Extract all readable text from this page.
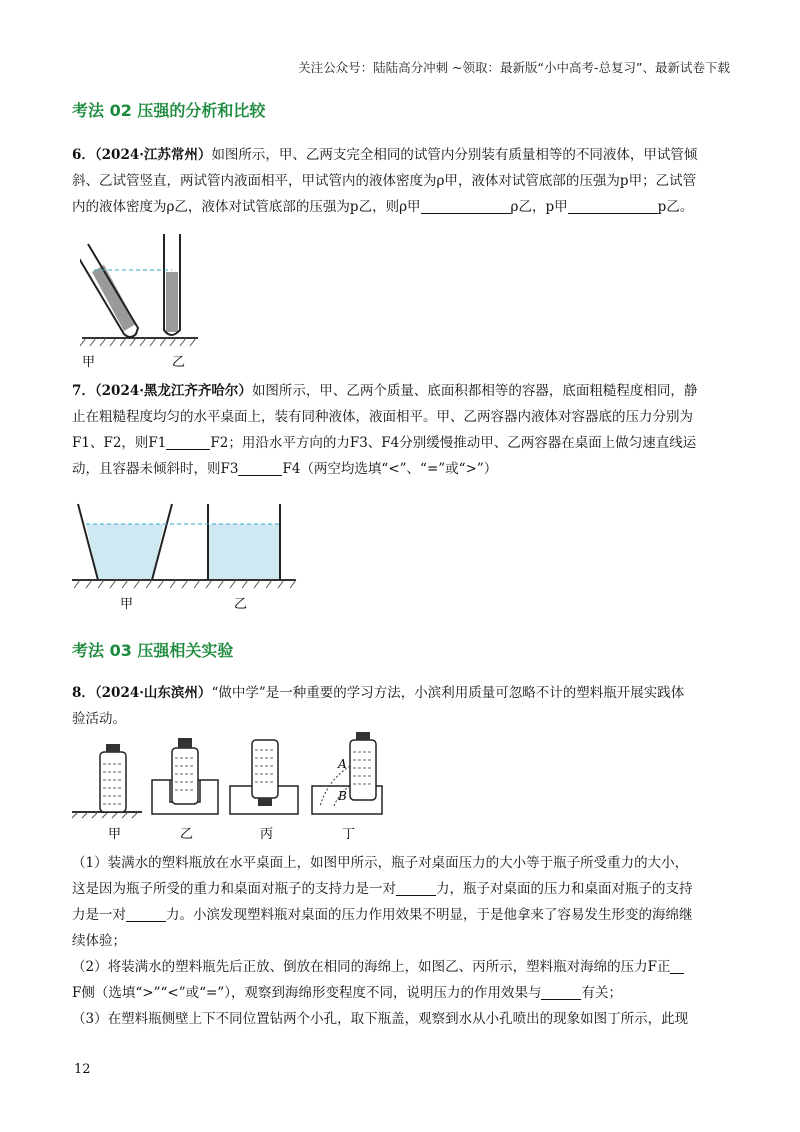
关注公众号：陆陆高分冲刺 ~领取：最新版“小中高考-总复习”、最新试卷下载
考法 02 压强的分析和比较
6．（2024·江苏常州）如图所示，甲、乙两支完全相同的试管内分别装有质量相等的不同液体，甲试管倾
斜、乙试管竖直，两试管内液面相平，甲试管内的液体密度为ρ甲，液体对试管底部的压强为p甲；乙试管
内的液体密度为ρ乙，液体对试管底部的压强为p乙，则ρ甲	ρ乙，p甲	p乙。
甲	乙
7．（2024·黑龙江齐齐哈尔）如图所示，甲、乙两个质量、底面积都相等的容器，底面粗糙程度相同，静
止在粗糙程度均匀的水平桌面上，装有同种液体，液面相平。甲、乙两容器内液体对容器底的压力分别为
F1、F2，则F1	F2；用沿水平方向的力F3、F4分别缓慢推动甲、乙两容器在桌面上做匀速直线运
动，且容器未倾斜时，则F3	F4（两空均选填“<”、“=”或“>”）
甲	乙
考法 03 压强相关实验
8．（2024·山东滨州）“做中学”是一种重要的学习方法，小滨利用质量可忽略不计的塑料瓶开展实践体
验活动。
A
B
甲	乙	丙	丁
（1）装满水的塑料瓶放在水平桌面上，如图甲所示，瓶子对桌面压力的大小等于瓶子所受重力的大小，
这是因为瓶子所受的重力和桌面对瓶子的支持力是一对	力，瓶子对桌面的压力和桌面对瓶子的支持
力是一对	力。小滨发现塑料瓶对桌面的压力作用效果不明显，于是他拿来了容易发生形变的海绵继
续体验；
（2）将装满水的塑料瓶先后正放、倒放在相同的海绵上，如图乙、丙所示，塑料瓶对海绵的压力F正
F侧（选填“>”“<”或“=”），观察到海绵形变程度不同，说明压力的作用效果与	有关；
（3）在塑料瓶侧壁上下不同位置钻两个小孔，取下瓶盖，观察到水从小孔喷出的现象如图丁所示，此现
12
